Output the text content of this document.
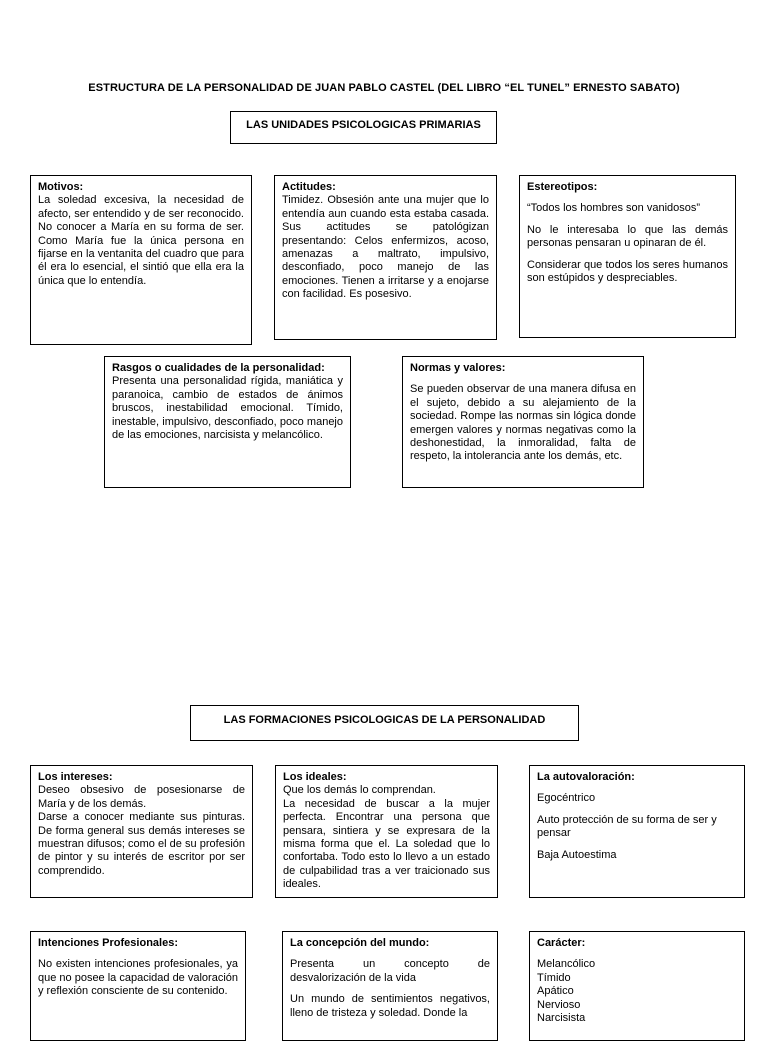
ESTRUCTURA DE LA PERSONALIDAD DE JUAN PABLO CASTEL (DEL LIBRO “EL TUNEL” ERNESTO SABATO)
LAS UNIDADES PSICOLOGICAS PRIMARIAS
Motivos:

La soledad excesiva, la necesidad de afecto, ser entendido y de ser reconocido. No conocer a María en su forma de ser. Como María fue la única persona en fijarse en la ventanita del cuadro que para él era lo esencial, el sintió que ella era la única que lo entendía.

Actitudes:

Timidez. Obsesión ante una mujer que lo entendía aun cuando esta estaba casada. Sus actitudes se patológizan presentando: Celos enfermizos, acoso, amenazas a maltrato, impulsivo, desconfiado, poco manejo de las emociones. Tienen a irritarse y a enojarse con facilidad. Es posesivo.

Estereotipos:

“Todos los hombres son vanidosos”

No le interesaba lo que las demás personas pensaran u opinaran de él.

Considerar que todos los seres humanos son estúpidos y despreciables.

Rasgos o cualidades de la personalidad:

Presenta una personalidad rígida, maniática y paranoica, cambio de estados de ánimos bruscos, inestabilidad emocional. Tímido, inestable, impulsivo, desconfiado, poco manejo de las emociones, narcisista y melancólico.

Normas y valores:

Se pueden observar de una manera difusa en el sujeto, debido a su alejamiento de la sociedad. Rompe las normas sin lógica donde emergen valores y normas negativas como la deshonestidad, la inmoralidad, falta de respeto, la intolerancia ante los demás, etc.

LAS FORMACIONES PSICOLOGICAS DE LA PERSONALIDAD
Los intereses:

Deseo obsesivo de posesionarse de María y de los demás.

Darse a conocer mediante sus pinturas. De forma general sus demás intereses se muestran difusos; como el de su profesión de pintor y su interés de escritor por ser comprendido.

Los ideales:

Que los demás lo comprendan.

La necesidad de buscar a la mujer perfecta. Encontrar una persona que pensara, sintiera y se expresara de la misma forma que el. La soledad que lo confortaba. Todo esto lo llevo a un estado de culpabilidad tras a ver traicionado sus ideales.

La autovaloración:

Egocéntrico

Auto protección de su forma de ser y pensar

Baja Autoestima

Intenciones Profesionales:

No existen intenciones profesionales, ya que no posee la capacidad de valoración y reflexión consciente de su contenido.

La concepción del mundo:

Presenta un concepto de desvalorización de la vida

Un mundo de sentimientos negativos, lleno de tristeza y soledad. Donde la

Carácter:

Melancólico

Tímido

Apático

Nervioso

Narcisista
